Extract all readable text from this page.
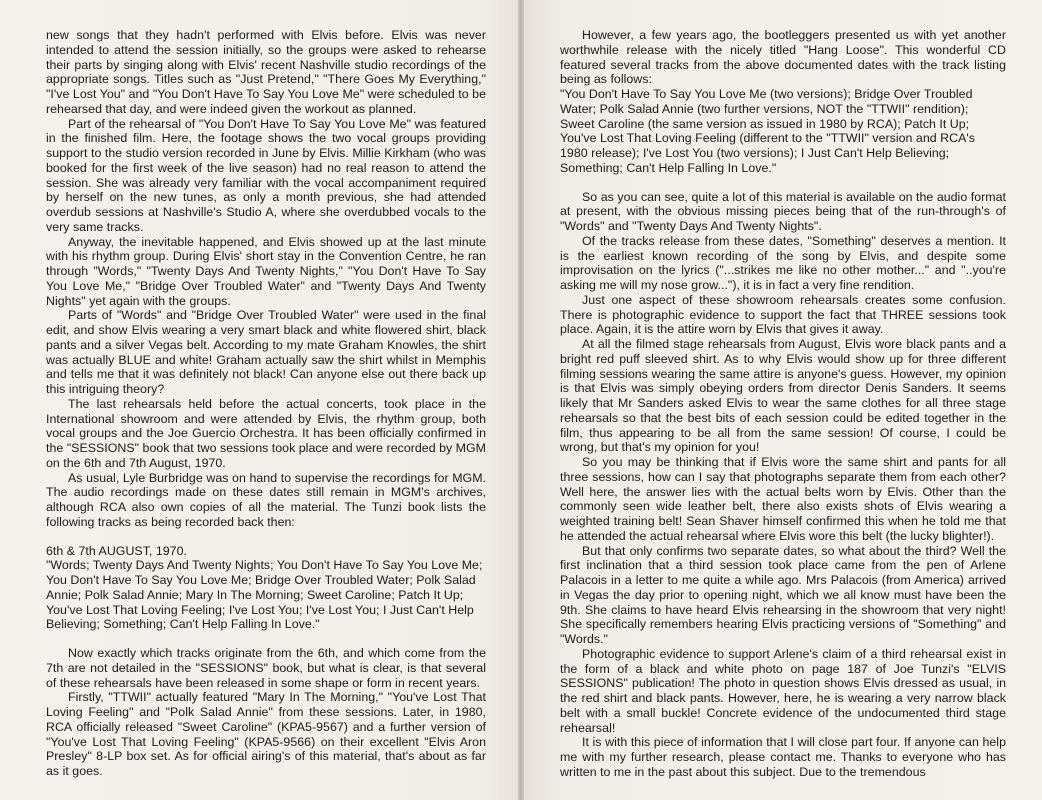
new songs that they hadn't performed with Elvis before. Elvis was never intended to attend the session initially, so the groups were asked to rehearse their parts by singing along with Elvis' recent Nashville studio recordings of the appropriate songs. Titles such as "Just Pretend," "There Goes My Everything," "I've Lost You" and "You Don't Have To Say You Love Me" were scheduled to be rehearsed that day, and were indeed given the workout as planned.

Part of the rehearsal of "You Don't Have To Say You Love Me" was featured in the finished film. Here, the footage shows the two vocal groups providing support to the studio version recorded in June by Elvis. Millie Kirkham (who was booked for the first week of the live season) had no real reason to attend the session. She was already very familiar with the vocal accompaniment required by herself on the new tunes, as only a month previous, she had attended overdub sessions at Nashville's Studio A, where she overdubbed vocals to the very same tracks.

Anyway, the inevitable happened, and Elvis showed up at the last minute with his rhythm group. During Elvis' short stay in the Convention Centre, he ran through "Words," "Twenty Days And Twenty Nights," "You Don't Have To Say You Love Me," "Bridge Over Troubled Water" and "Twenty Days And Twenty Nights" yet again with the groups.

Parts of "Words" and "Bridge Over Troubled Water" were used in the final edit, and show Elvis wearing a very smart black and white flowered shirt, black pants and a silver Vegas belt. According to my mate Graham Knowles, the shirt was actually BLUE and white! Graham actually saw the shirt whilst in Memphis and tells me that it was definitely not black! Can anyone else out there back up this intriguing theory?

The last rehearsals held before the actual concerts, took place in the International showroom and were attended by Elvis, the rhythm group, both vocal groups and the Joe Guercio Orchestra. It has been officially confirmed in the "SESSIONS" book that two sessions took place and were recorded by MGM on the 6th and 7th August, 1970.

As usual, Lyle Burbridge was on hand to supervise the recordings for MGM. The audio recordings made on these dates still remain in MGM's archives, although RCA also own copies of all the material. The Tunzi book lists the following tracks as being recorded back then:

6th & 7th AUGUST, 1970.

"Words; Twenty Days And Twenty Nights; You Don't Have To Say You Love Me; You Don't Have To Say You Love Me; Bridge Over Troubled Water; Polk Salad Annie; Polk Salad Annie; Mary In The Morning; Sweet Caroline; Patch It Up; You've Lost That Loving Feeling; I've Lost You; I've Lost You; I Just Can't Help Believing; Something; Can't Help Falling In Love."

Now exactly which tracks originate from the 6th, and which come from the 7th are not detailed in the "SESSIONS" book, but what is clear, is that several of these rehearsals have been released in some shape or form in recent years.

Firstly, "TTWII" actually featured "Mary In The Morning," "You've Lost That Loving Feeling" and "Polk Salad Annie" from these sessions. Later, in 1980, RCA officially released "Sweet Caroline" (KPA5-9567) and a further version of "You've Lost That Loving Feeling" (KPA5-9566) on their excellent "Elvis Aron Presley" 8-LP box set. As for official airing's of this material, that's about as far as it goes.

However, a few years ago, the bootleggers presented us with yet another worthwhile release with the nicely titled "Hang Loose". This wonderful CD featured several tracks from the above documented dates with the track listing being as follows:

"You Don't Have To Say You Love Me (two versions); Bridge Over Troubled Water; Polk Salad Annie (two further versions, NOT the "TTWII" rendition); Sweet Caroline (the same version as issued in 1980 by RCA); Patch It Up; You've Lost That Loving Feeling (different to the "TTWII" version and RCA's 1980 release); I've Lost You (two versions); I Just Can't Help Believing; Something; Can't Help Falling In Love."

So as you can see, quite a lot of this material is available on the audio format at present, with the obvious missing pieces being that of the run-through's of "Words" and "Twenty Days And Twenty Nights".

Of the tracks release from these dates, "Something" deserves a mention. It is the earliest known recording of the song by Elvis, and despite some improvisation on the lyrics ("...strikes me like no other mother..." and "..you're asking me will my nose grow..."), it is in fact a very fine rendition.

Just one aspect of these showroom rehearsals creates some confusion. There is photographic evidence to support the fact that THREE sessions took place. Again, it is the attire worn by Elvis that gives it away.

At all the filmed stage rehearsals from August, Elvis wore black pants and a bright red puff sleeved shirt. As to why Elvis would show up for three different filming sessions wearing the same attire is anyone's guess. However, my opinion is that Elvis was simply obeying orders from director Denis Sanders. It seems likely that Mr Sanders asked Elvis to wear the same clothes for all three stage rehearsals so that the best bits of each session could be edited together in the film, thus appearing to be all from the same session! Of course, I could be wrong, but that's my opinion for you!

So you may be thinking that if Elvis wore the same shirt and pants for all three sessions, how can I say that photographs separate them from each other? Well here, the answer lies with the actual belts worn by Elvis. Other than the commonly seen wide leather belt, there also exists shots of Elvis wearing a weighted training belt! Sean Shaver himself confirmed this when he told me that he attended the actual rehearsal where Elvis wore this belt (the lucky blighter!).

But that only confirms two separate dates, so what about the third? Well the first inclination that a third session took place came from the pen of Arlene Palacois in a letter to me quite a while ago. Mrs Palacois (from America) arrived in Vegas the day prior to opening night, which we all know must have been the 9th. She claims to have heard Elvis rehearsing in the showroom that very night! She specifically remembers hearing Elvis practicing versions of "Something" and "Words."

Photographic evidence to support Arlene's claim of a third rehearsal exist in the form of a black and white photo on page 187 of Joe Tunzi's "ELVIS SESSIONS" publication! The photo in question shows Elvis dressed as usual, in the red shirt and black pants. However, here, he is wearing a very narrow black belt with a small buckle! Concrete evidence of the undocumented third stage rehearsal!

It is with this piece of information that I will close part four. If anyone can help me with my further research, please contact me. Thanks to everyone who has written to me in the past about this subject. Due to the tremendous
